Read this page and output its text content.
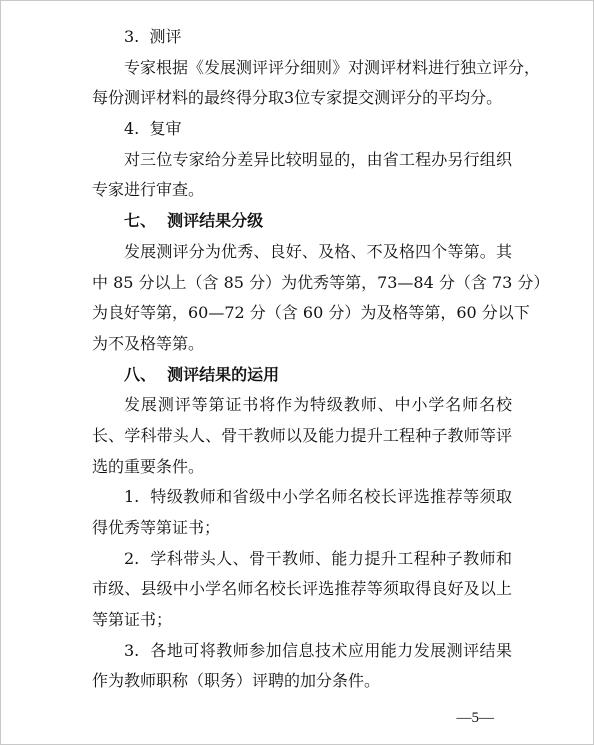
3.  测评
专家根据《发展测评评分细则》对测评材料进行独立评分，
每份测评材料的最终得分取3位专家提交测评分的平均分。
4.  复审
对三位专家给分差异比较明显的，由省工程办另行组织
专家进行审查。
七、  测评结果分级
发展测评分为优秀、良好、及格、不及格四个等第。其
中 85 分以上（含 85 分）为优秀等第，73—84 分（含 73 分）
为良好等第，60—72 分（含 60 分）为及格等第，60 分以下
为不及格等第。
八、  测评结果的运用
发展测评等第证书将作为特级教师、中小学名师名校
长、学科带头人、骨干教师以及能力提升工程种子教师等评
选的重要条件。
1.  特级教师和省级中小学名师名校长评选推荐等须取
得优秀等第证书；
2.  学科带头人、骨干教师、能力提升工程种子教师和
市级、县级中小学名师名校长评选推荐等须取得良好及以上
等第证书；
3.  各地可将教师参加信息技术应用能力发展测评结果
作为教师职称（职务）评聘的加分条件。
—5—
